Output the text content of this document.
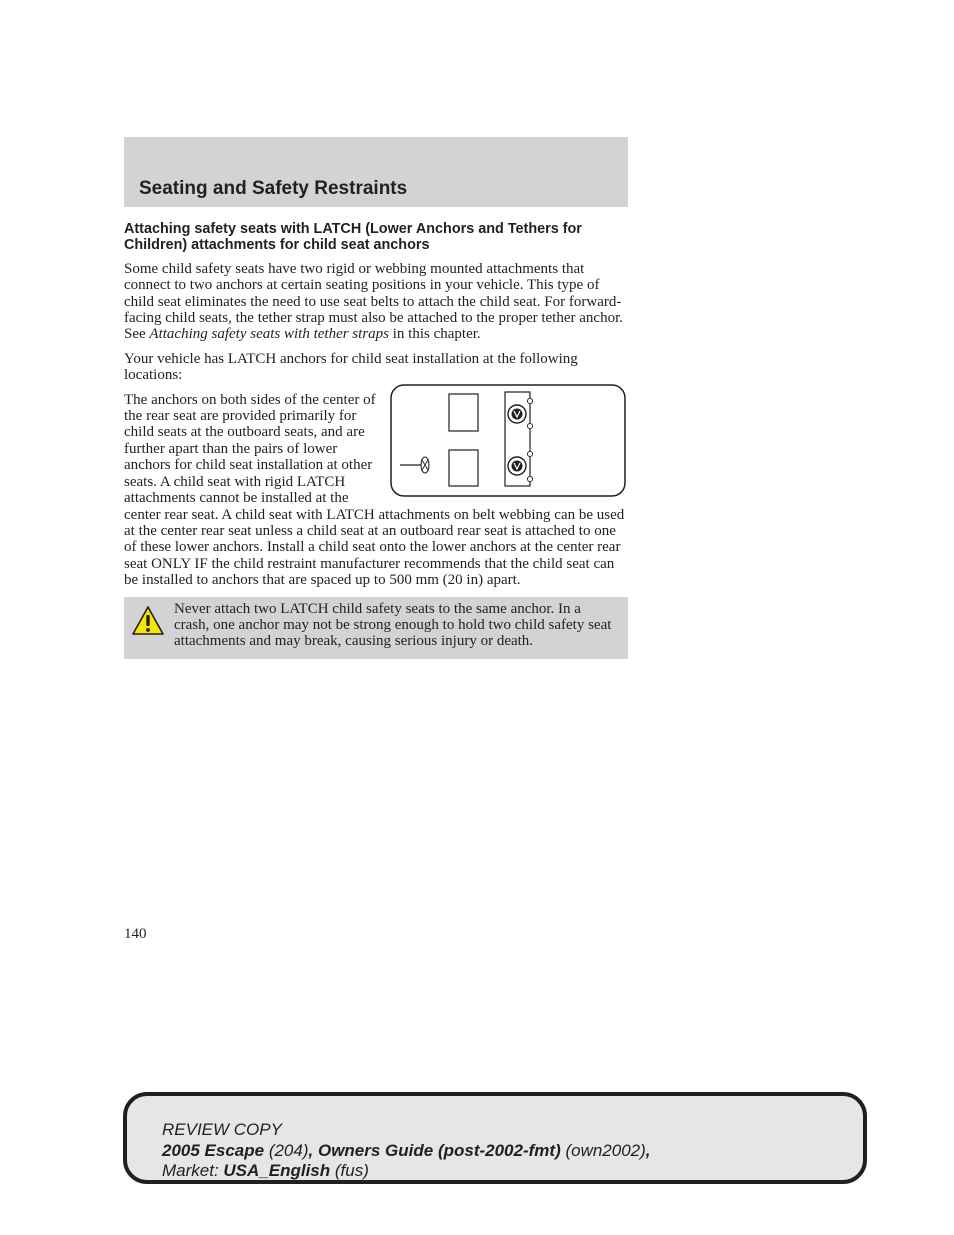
Seating and Safety Restraints
Attaching safety seats with LATCH (Lower Anchors and Tethers for Children) attachments for child seat anchors

Some child safety seats have two rigid or webbing mounted attachments that connect to two anchors at certain seating positions in your vehicle. This type of child seat eliminates the need to use seat belts to attach the child seat. For forward-facing child seats, the tether strap must also be attached to the proper tether anchor. See Attaching safety seats with tether straps in this chapter.

Your vehicle has LATCH anchors for child seat installation at the following locations:

The anchors on both sides of the center of the rear seat are provided primarily for child seats at the outboard seats, and are further apart than the pairs of lower anchors for child seat installation at other seats. A child seat with rigid LATCH attachments cannot be installed at the center rear seat. A child seat with LATCH attachments on belt webbing can be used at the center rear seat unless a child seat at an outboard rear seat is attached to one of these lower anchors. Install a child seat onto the lower anchors at the center rear seat ONLY IF the child restraint manufacturer recommends that the child seat can be installed to anchors that are spaced up to 500 mm (20 in) apart.

Never attach two LATCH child safety seats to the same anchor. In a crash, one anchor may not be strong enough to hold two child safety seat attachments and may break, causing serious injury or death.
140
REVIEW COPY
2005 Escape (204), Owners Guide (post-2002-fmt) (own2002),
Market: USA_English (fus)
